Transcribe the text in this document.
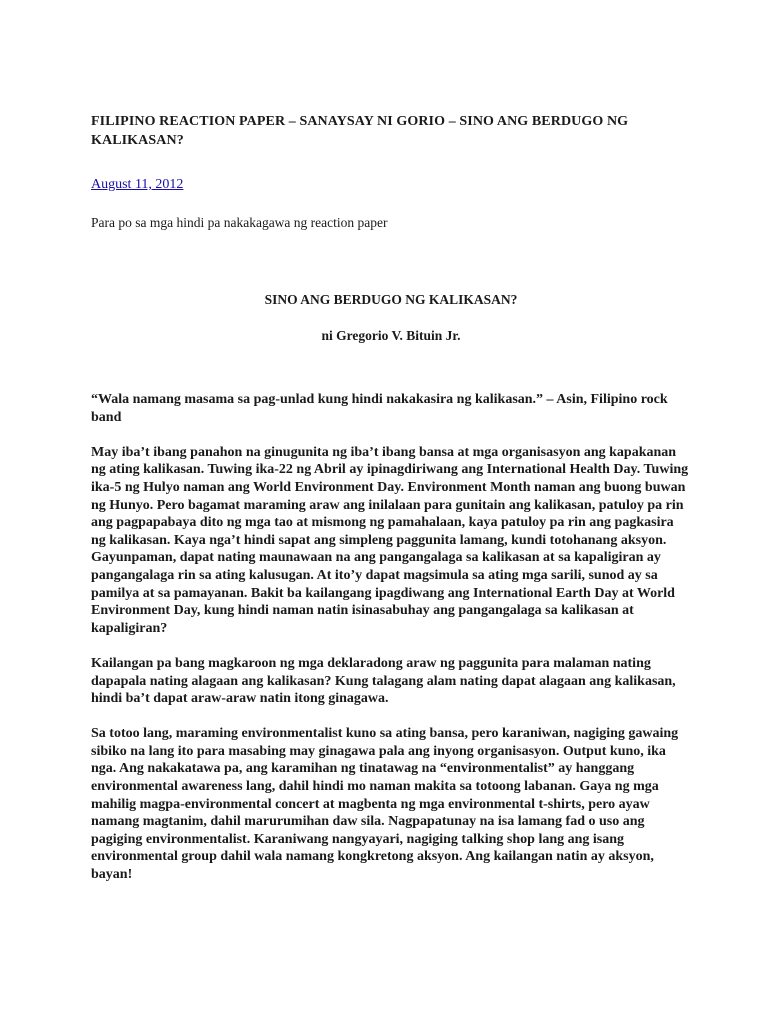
FILIPINO REACTION PAPER – SANAYSAY NI GORIO – SINO ANG BERDUGO NG KALIKASAN?
August 11, 2012

Para po sa mga hindi pa nakakagawa ng reaction paper

SINO ANG BERDUGO NG KALIKASAN?
ni Gregorio V. Bituin Jr.

“Wala namang masama sa pag-unlad kung hindi nakakasira ng kalikasan.” – Asin, Filipino rock band

May iba’t ibang panahon na ginugunita ng iba’t ibang bansa at mga organisasyon ang kapakanan ng ating kalikasan. Tuwing ika-22 ng Abril ay ipinagdiriwang ang International Health Day. Tuwing ika-5 ng Hulyo naman ang World Environment Day. Environment Month naman ang buong buwan ng Hunyo. Pero bagamat maraming araw ang inilalaan para gunitain ang kalikasan, patuloy pa rin ang pagpapabaya dito ng mga tao at mismong ng pamahalaan, kaya patuloy pa rin ang pagkasira ng kalikasan. Kaya nga’t hindi sapat ang simpleng paggunita lamang, kundi totohanang aksyon. Gayunpaman, dapat nating maunawaan na ang pangangalaga sa kalikasan at sa kapaligiran ay pangangalaga rin sa ating kalusugan. At ito’y dapat magsimula sa ating mga sarili, sunod ay sa pamilya at sa pamayanan. Bakit ba kailangang ipagdiwang ang International Earth Day at World Environment Day, kung hindi naman natin isinasabuhay ang pangangalaga sa kalikasan at kapaligiran?

Kailangan pa bang magkaroon ng mga deklaradong araw ng paggunita para malaman nating dapapala nating alagaan ang kalikasan? Kung talagang alam nating dapat alagaan ang kalikasan, hindi ba’t dapat araw-araw natin itong ginagawa.

Sa totoo lang, maraming environmentalist kuno sa ating bansa, pero karaniwan, nagiging gawaing sibiko na lang ito para masabing may ginagawa pala ang inyong organisasyon. Output kuno, ika nga. Ang nakakatawa pa, ang karamihan ng tinatawag na “environmentalist” ay hanggang environmental awareness lang, dahil hindi mo naman makita sa totoong labanan. Gaya ng mga mahilig magpa-environmental concert at magbenta ng mga environmental t-shirts, pero ayaw namang magtanim, dahil marurumihan daw sila. Nagpapatunay na isa lamang fad o uso ang pagiging environmentalist. Karaniwang nangyayari, nagiging talking shop lang ang isang environmental group dahil wala namang kongkretong aksyon. Ang kailangan natin ay aksyon, bayan!
